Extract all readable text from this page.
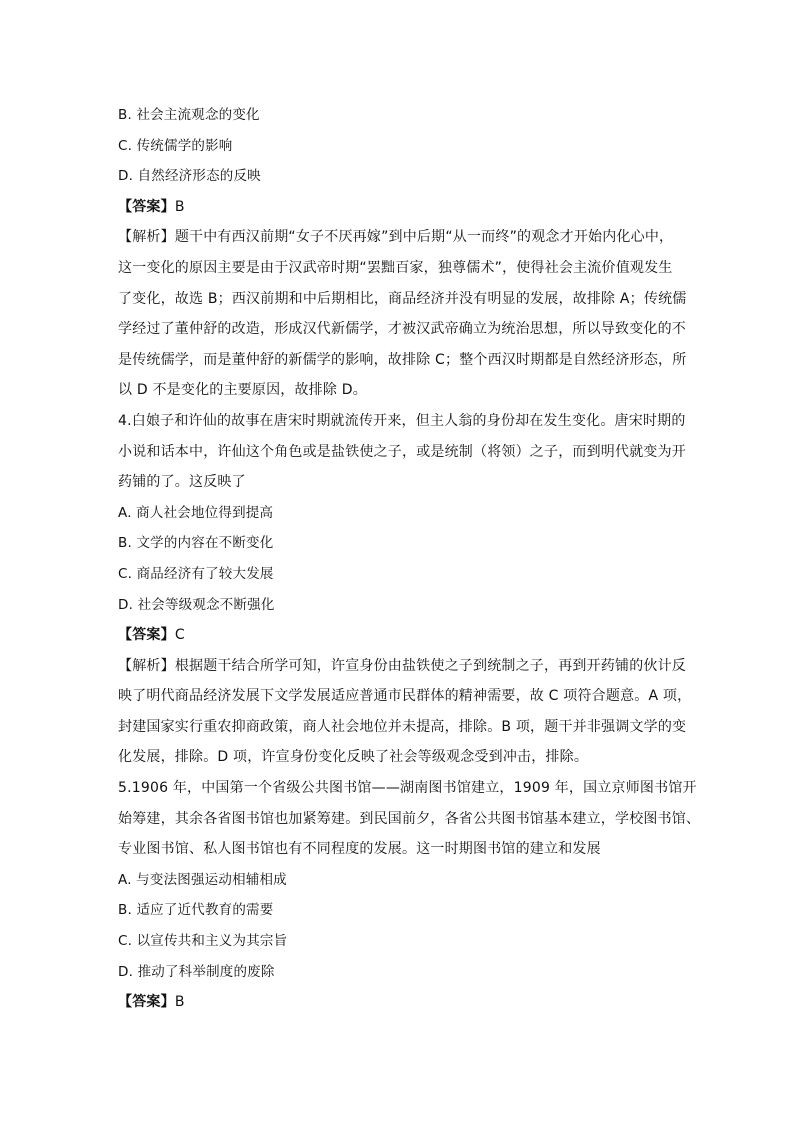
B. 社会主流观念的变化
C. 传统儒学的影响
D. 自然经济形态的反映
【答案】B
【解析】题干中有西汉前期“女子不厌再嫁”到中后期“从一而终”的观念才开始内化心中，
这一变化的原因主要是由于汉武帝时期“罢黜百家，独尊儒术”，使得社会主流价值观发生
了变化，故选 B；西汉前期和中后期相比，商品经济并没有明显的发展，故排除 A；传统儒
学经过了董仲舒的改造，形成汉代新儒学，才被汉武帝确立为统治思想，所以导致变化的不
是传统儒学，而是董仲舒的新儒学的影响，故排除 C；整个西汉时期都是自然经济形态，所
以 D 不是变化的主要原因，故排除 D。
4.白娘子和许仙的故事在唐宋时期就流传开来，但主人翁的身份却在发生变化。唐宋时期的
小说和话本中，许仙这个角色或是盐铁使之子，或是统制（将领）之子，而到明代就变为开
药铺的了。这反映了
A. 商人社会地位得到提高
B. 文学的内容在不断变化
C. 商品经济有了较大发展
D. 社会等级观念不断强化
【答案】C
【解析】根据题干结合所学可知，许宣身份由盐铁使之子到统制之子，再到开药铺的伙计反
映了明代商品经济发展下文学发展适应普通市民群体的精神需要，故 C 项符合题意。A 项，
封建国家实行重农抑商政策，商人社会地位并未提高，排除。B 项，题干并非强调文学的变
化发展，排除。D 项，许宣身份变化反映了社会等级观念受到冲击，排除。
5.1906 年，中国第一个省级公共图书馆——湖南图书馆建立，1909 年，国立京师图书馆开
始筹建，其余各省图书馆也加紧筹建。到民国前夕，各省公共图书馆基本建立，学校图书馆、
专业图书馆、私人图书馆也有不同程度的发展。这一时期图书馆的建立和发展
A. 与变法图强运动相辅相成
B. 适应了近代教育的需要
C. 以宣传共和主义为其宗旨
D. 推动了科举制度的废除
【答案】B
